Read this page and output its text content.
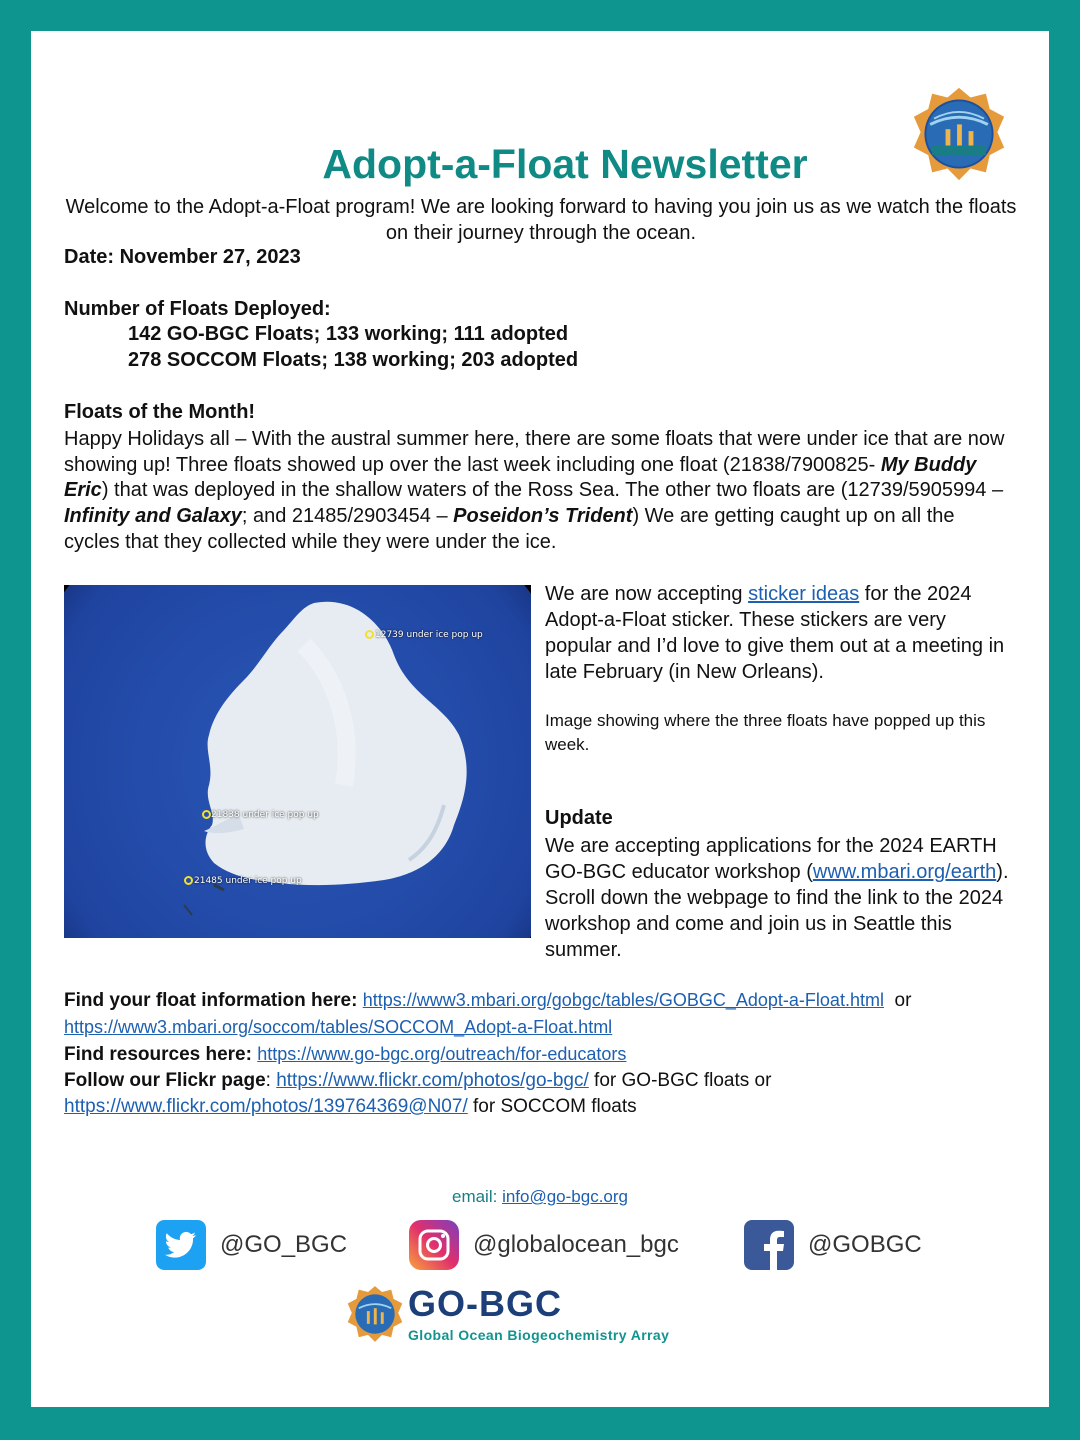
Adopt-a-Float Newsletter
Welcome to the Adopt-a-Float program! We are looking forward to having you join us as we watch the floats on their journey through the ocean.
Date: November 27, 2023
Number of Floats Deployed:
142 GO-BGC Floats; 133 working; 111 adopted
278 SOCCOM Floats; 138 working; 203 adopted
Floats of the Month!
Happy Holidays all – With the austral summer here, there are some floats that were under ice that are now showing up! Three floats showed up over the last week including one float (21838/7900825- My Buddy Eric) that was deployed in the shallow waters of the Ross Sea. The other two floats are (12739/5905994 – Infinity and Galaxy; and 21485/2903454 – Poseidon’s Trident) We are getting caught up on all the cycles that they collected while they were under the ice.
12739 under ice pop up
21838 under ice pop up
21485 under ice pop up
We are now accepting sticker ideas for the 2024 Adopt-a-Float sticker. These stickers are very popular and I’d love to give them out at a meeting in late February (in New Orleans).
Image showing where the three floats have popped up this week.
Update
We are accepting applications for the 2024 EARTH GO-BGC educator workshop (www.mbari.org/earth). Scroll down the webpage to find the link to the 2024 workshop and come and join us in Seattle this summer.
Find your float information here: https://www3.mbari.org/gobgc/tables/GOBGC_Adopt-a-Float.html or
https://www3.mbari.org/soccom/tables/SOCCOM_Adopt-a-Float.html
Find resources here: https://www.go-bgc.org/outreach/for-educators
Follow our Flickr page: https://www.flickr.com/photos/go-bgc/ for GO-BGC floats or
https://www.flickr.com/photos/139764369@N07/ for SOCCOM floats
email: info@go-bgc.org
@GO_BGC	@globalocean_bgc	@GOBGC
GO-BGC
Global Ocean Biogeochemistry Array
